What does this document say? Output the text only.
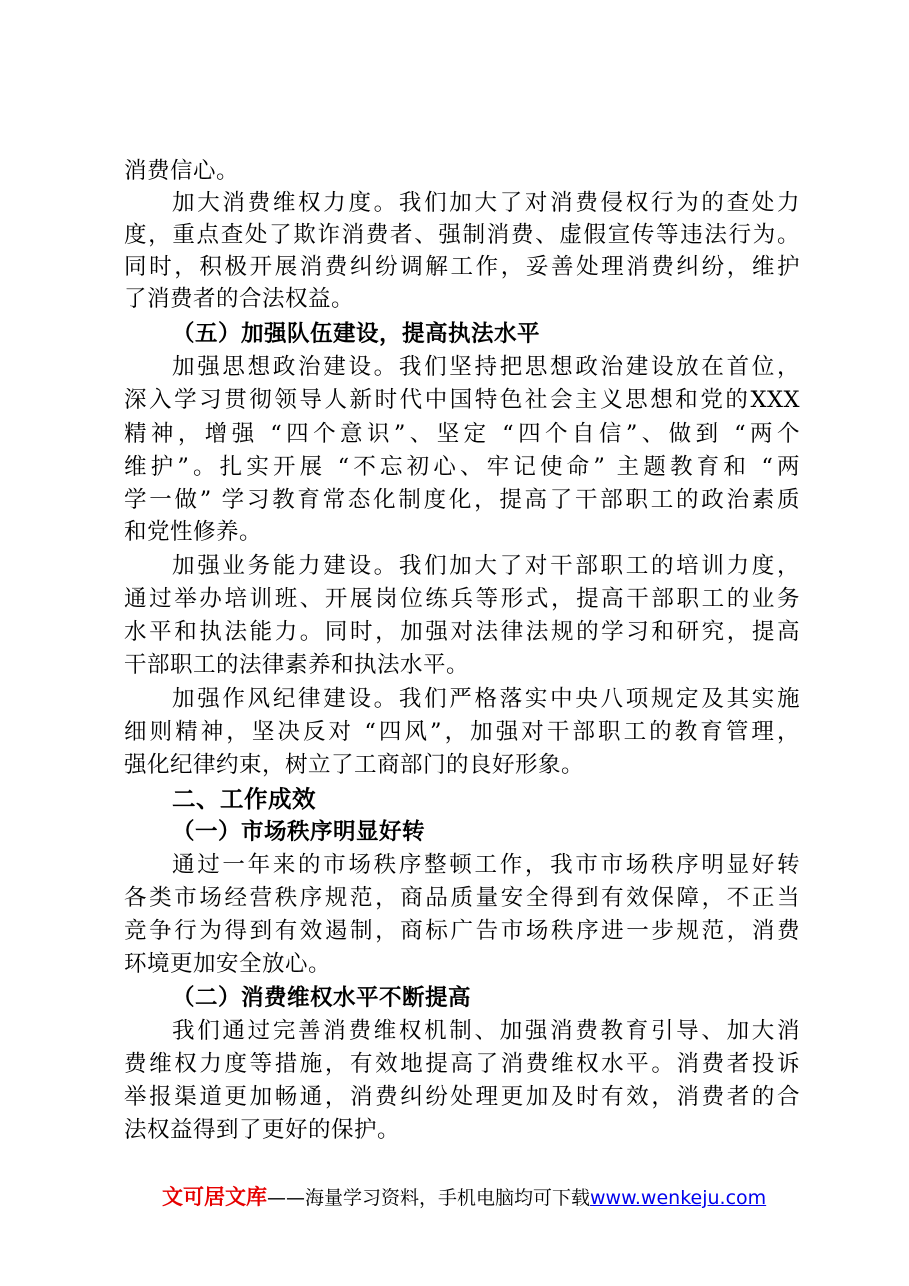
消费信心。
加大消费维权力度。我们加大了对消费侵权行为的查处力
度，重点查处了欺诈消费者、强制消费、虚假宣传等违法行为。
同时，积极开展消费纠纷调解工作，妥善处理消费纠纷，维护
了消费者的合法权益。
（五）加强队伍建设，提高执法水平
加强思想政治建设。我们坚持把思想政治建设放在首位，
深入学习贯彻领导人新时代中国特色社会主义思想和党的XXX
精神，增强 “四个意识”、坚定 “四个自信”、做到 “两个
维护”。扎实开展 “不忘初心、牢记使命” 主题教育和 “两
学一做” 学习教育常态化制度化，提高了干部职工的政治素质
和党性修养。
加强业务能力建设。我们加大了对干部职工的培训力度，
通过举办培训班、开展岗位练兵等形式，提高干部职工的业务
水平和执法能力。同时，加强对法律法规的学习和研究，提高
干部职工的法律素养和执法水平。
加强作风纪律建设。我们严格落实中央八项规定及其实施
细则精神，坚决反对 “四风”，加强对干部职工的教育管理，
强化纪律约束，树立了工商部门的良好形象。
二、工作成效
（一）市场秩序明显好转
通过一年来的市场秩序整顿工作，我市市场秩序明显好转
各类市场经营秩序规范，商品质量安全得到有效保障，不正当
竞争行为得到有效遏制，商标广告市场秩序进一步规范，消费
环境更加安全放心。
（二）消费维权水平不断提高
我们通过完善消费维权机制、加强消费教育引导、加大消
费维权力度等措施，有效地提高了消费维权水平。消费者投诉
举报渠道更加畅通，消费纠纷处理更加及时有效，消费者的合
法权益得到了更好的保护。
文可居文库——海量学习资料，手机电脑均可下载www.wenkeju.com
